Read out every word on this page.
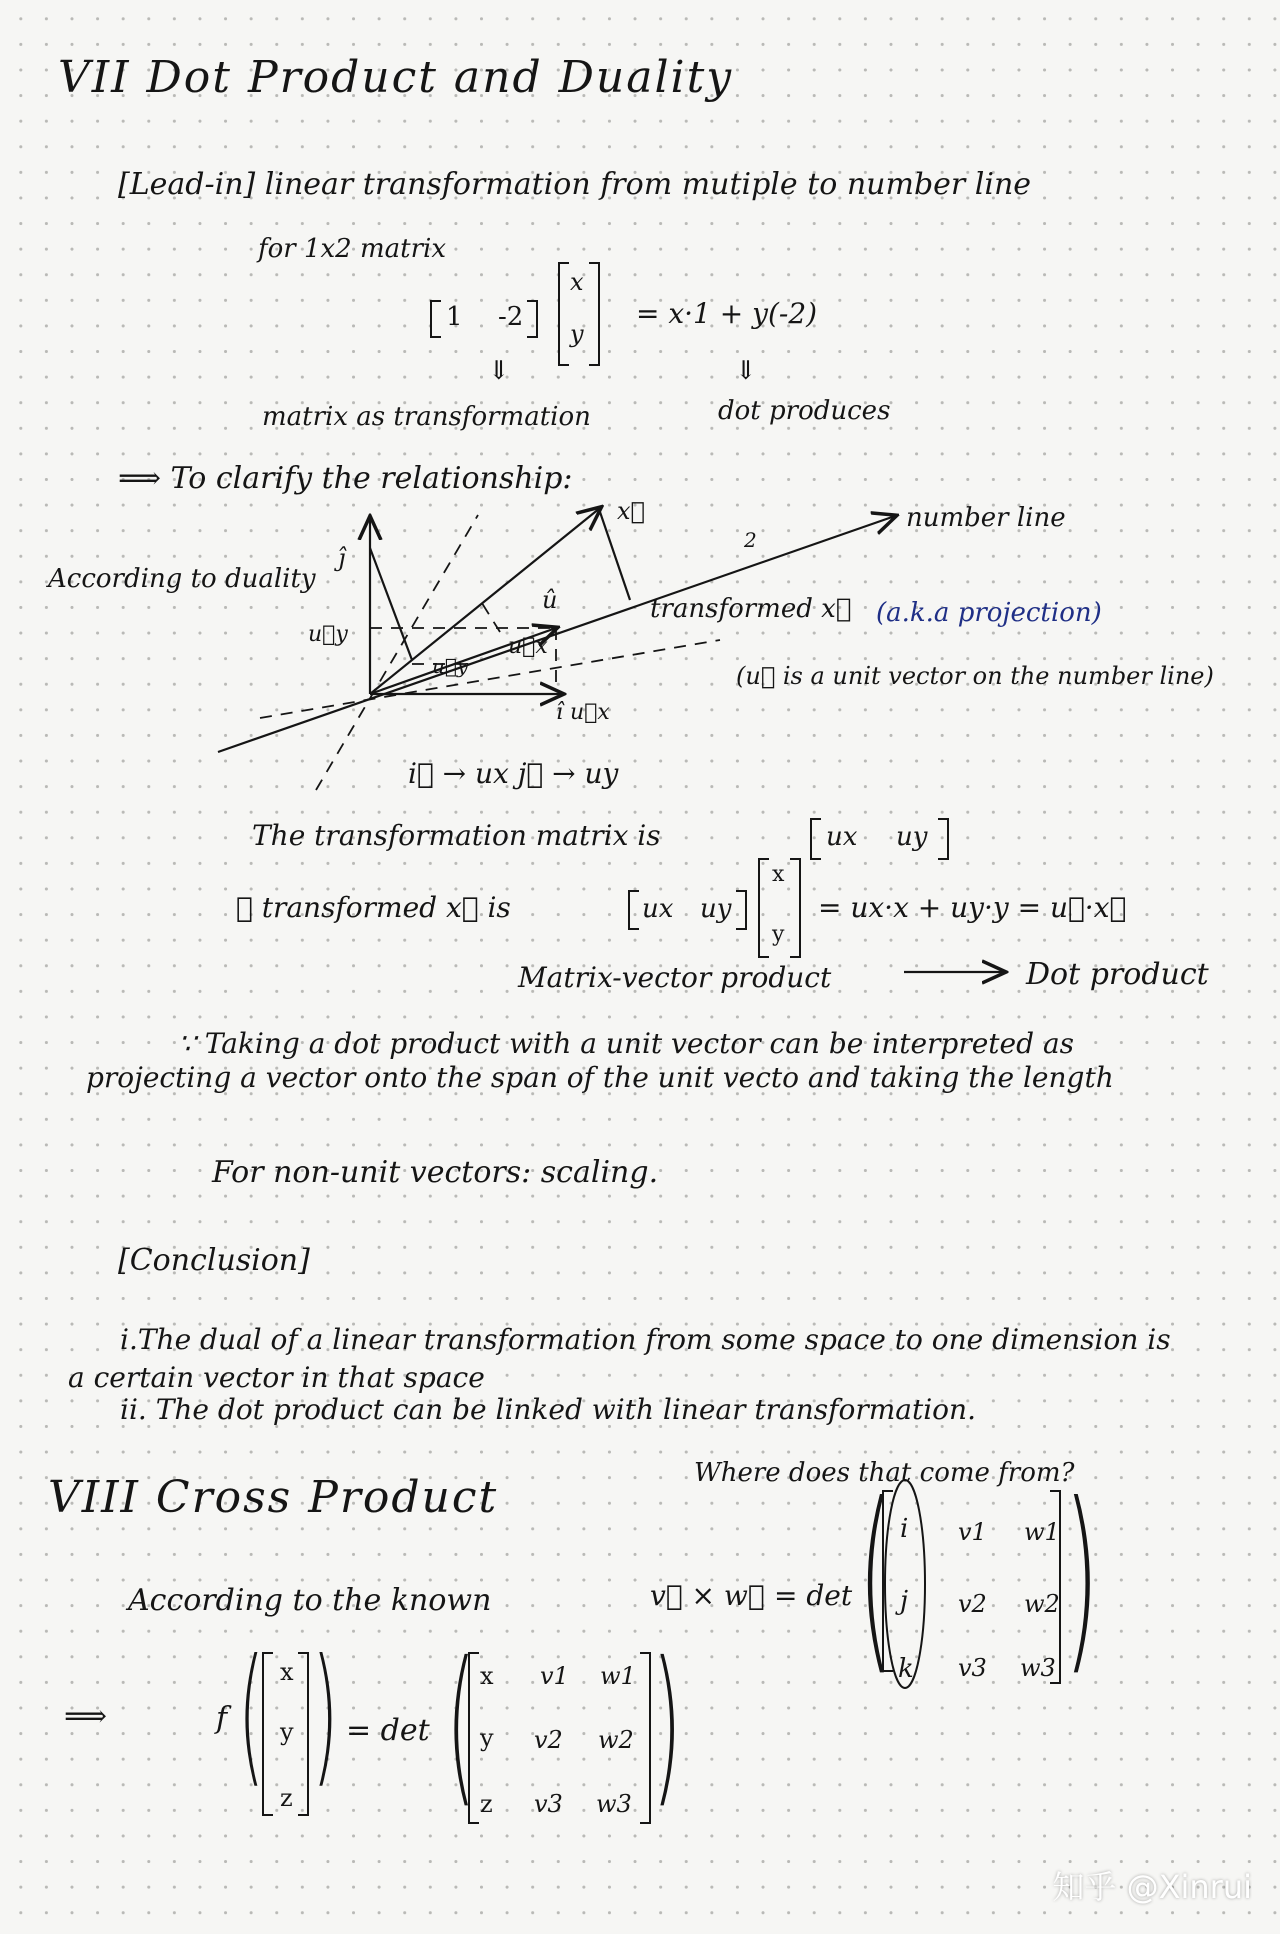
VII Dot Product and Duality
[Lead-in] linear transformation from mutiple to number line
for 1x2 matrix
1 -2
x
y
= x·1 + y(-2)
⇓	⇓
matrix as transformation	dot produces
⟹ To clarify the relationship:
number line
2
x⃗
According to duality
ĵ
u⃗y
u⃗y
û
u⃗x
î u⃗x
transformed x⃗ (a.k.a projection)
(u⃗ is a unit vector on the number line)
i⃗ → ux j⃗ → uy
The transformation matrix is	ux uy
∴ transformed x⃗ is	ux uy
x
y
= ux·x + uy·y = u⃗·x⃗
Matrix-vector product	Dot product
∵ Taking a dot product with a unit vector can be interpreted as
projecting a vector onto the span of the unit vecto and taking the length
For non-unit vectors: scaling.
[Conclusion]
i.The dual of a linear transformation from some space to one dimension is
a certain vector in that space
ii. The dot product can be linked with linear transformation.
VIII Cross Product	Where does that come from?
According to the known	v⃗ × w⃗ = det ( i v1 w1
j v2 w2
k v3 w3 )
⟹	f ( x
y
z ) = det ( x v1 w1
y v2 w2
z v3 w3 )
知乎 @Xinrui
